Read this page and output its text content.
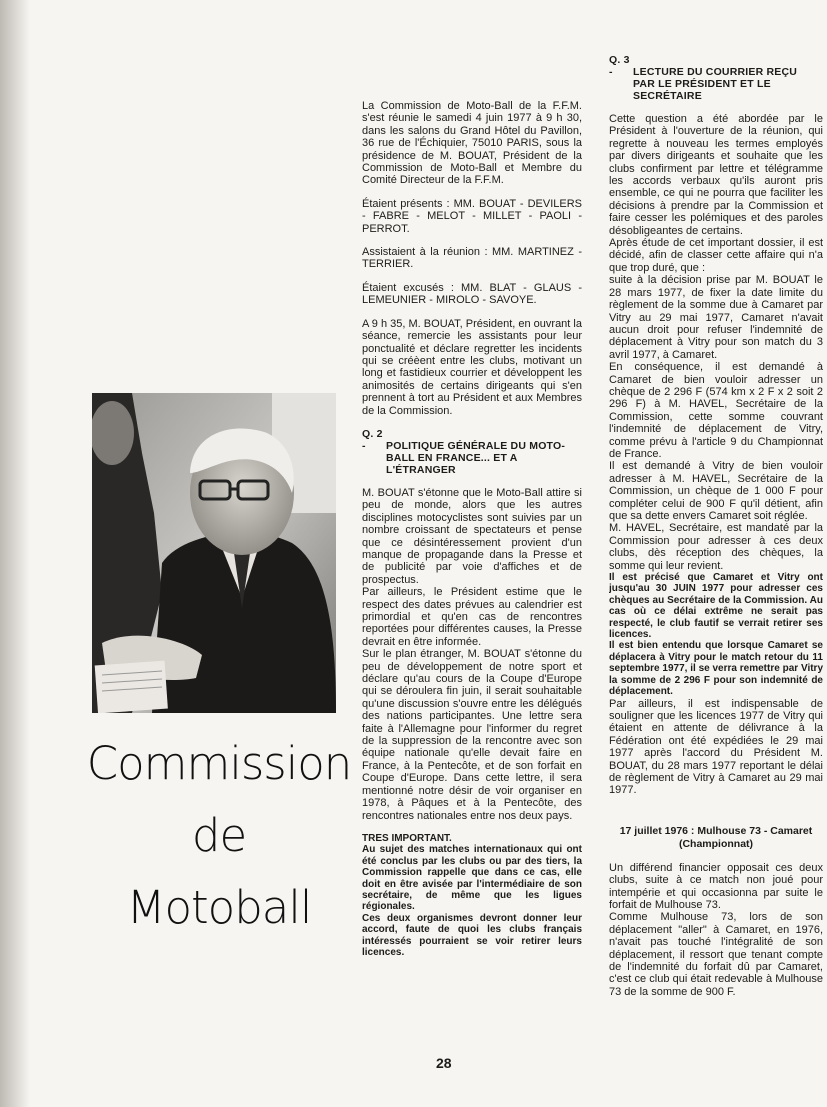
Commission
de
Motoball

La Commission de Moto-Ball de la F.F.M. s'est réunie le samedi 4 juin 1977 à 9 h 30, dans les salons du Grand Hôtel du Pavillon, 36 rue de l'Échiquier, 75010 PARIS, sous la présidence de M. BOUAT, Président de la Commission de Moto-Ball et Membre du Comité Directeur de la F.F.M.

Étaient présents : MM. BOUAT - DEVILERS - FABRE - MELOT - MILLET - PAOLI - PERROT.

Assistaient à la réunion : MM. MARTINEZ - TERRIER.

Étaient excusés : MM. BLAT - GLAUS - LEMEUNIER - MIROLO - SAVOYE.

A 9 h 35, M. BOUAT, Président, en ouvrant la séance, remercie les assistants pour leur ponctualité et déclare regretter les incidents qui se créèent entre les clubs, motivant un long et fastidieux courrier et développent les animosités de certains dirigeants qui s'en prennent à tort au Président et aux Membres de la Commission.

Q. 2 - POLITIQUE GÉNÉRALE DU MOTO-
BALL EN FRANCE... ET A L'ÉTRANGER

M. BOUAT s'étonne que le Moto-Ball attire si peu de monde, alors que les autres disciplines motocyclistes sont suivies par un nombre croissant de spectateurs et pense que ce désintéressement provient d'un manque de propagande dans la Presse et de publicité par voie d'affiches et de prospectus.

Par ailleurs, le Président estime que le respect des dates prévues au calendrier est primordial et qu'en cas de rencontres reportées pour différentes causes, la Presse devrait en être informée.

Sur le plan étranger, M. BOUAT s'étonne du peu de développement de notre sport et déclare qu'au cours de la Coupe d'Europe qui se déroulera fin juin, il serait souhaitable qu'une discussion s'ouvre entre les délégués des nations participantes. Une lettre sera faite à l'Allemagne pour l'informer du regret de la suppression de la rencontre avec son équipe nationale qu'elle devait faire en France, à la Pentecôte, et de son forfait en Coupe d'Europe. Dans cette lettre, il sera mentionné notre désir de voir organiser en 1978, à Pâques et à la Pentecôte, des rencontres nationales entre nos deux pays.

TRES IMPORTANT.

Au sujet des matches internationaux qui ont été conclus par les clubs ou par des tiers, la Commission rappelle que dans ce cas, elle doit en être avisée par l'intermédiaire de son secrétaire, de même que les ligues régionales.

Ces deux organismes devront donner leur accord, faute de quoi les clubs français intéressés pourraient se voir retirer leurs licences.

Q. 3 - LECTURE DU COURRIER REÇU
PAR LE PRÉSIDENT ET LE SECRÉTAIRE

Cette question a été abordée par le Président à l'ouverture de la réunion, qui regrette à nouveau les termes employés par divers dirigeants et souhaite que les clubs confirment par lettre et télégramme les accords verbaux qu'ils auront pris ensemble, ce qui ne pourra que faciliter les décisions à prendre par la Commission et faire cesser les polémiques et des paroles désobligeantes de certains.

Après étude de cet important dossier, il est décidé, afin de classer cette affaire qui n'a que trop duré, que :

suite à la décision prise par M. BOUAT le 28 mars 1977, de fixer la date limite du règlement de la somme due à Camaret par Vitry au 29 mai 1977, Camaret n'avait aucun droit pour refuser l'indemnité de déplacement à Vitry pour son match du 3 avril 1977, à Camaret.

En conséquence, il est demandé à Camaret de bien vouloir adresser un chèque de 2 296 F (574 km x 2 F x 2 soit 2 296 F) à M. HAVEL, Secrétaire de la Commission, cette somme couvrant l'indemnité de déplacement de Vitry, comme prévu à l'article 9 du Championnat de France.

Il est demandé à Vitry de bien vouloir adresser à M. HAVEL, Secrétaire de la Commission, un chèque de 1 000 F pour compléter celui de 900 F qu'il détient, afin que sa dette envers Camaret soit réglée.

M. HAVEL, Secrétaire, est mandaté par la Commission pour adresser à ces deux clubs, dès réception des chèques, la somme qui leur revient.

Il est précisé que Camaret et Vitry ont jusqu'au 30 JUIN 1977 pour adresser ces chèques au Secrétaire de la Commission. Au cas où ce délai extrême ne serait pas respecté, le club fautif se verrait retirer ses licences.

Il est bien entendu que lorsque Camaret se déplacera à Vitry pour le match retour du 11 septembre 1977, il se verra remettre par Vitry la somme de 2 296 F pour son indemnité de déplacement.

Par ailleurs, il est indispensable de souligner que les licences 1977 de Vitry qui étaient en attente de délivrance à la Fédération ont été expédiées le 29 mai 1977 après l'accord du Président M. BOUAT, du 28 mars 1977 reportant le délai de règlement de Vitry à Camaret au 29 mai 1977.

17 juillet 1976 : Mulhouse 73 - Camaret
(Championnat)

Un différend financier opposait ces deux clubs, suite à ce match non joué pour intempérie et qui occasionna par suite le forfait de Mulhouse 73.

Comme Mulhouse 73, lors de son déplacement "aller" à Camaret, en 1976, n'avait pas touché l'intégralité de son déplacement, il ressort que tenant compte de l'indemnité du forfait dû par Camaret, c'est ce club qui était redevable à Mulhouse 73 de la somme de 900 F.

28
